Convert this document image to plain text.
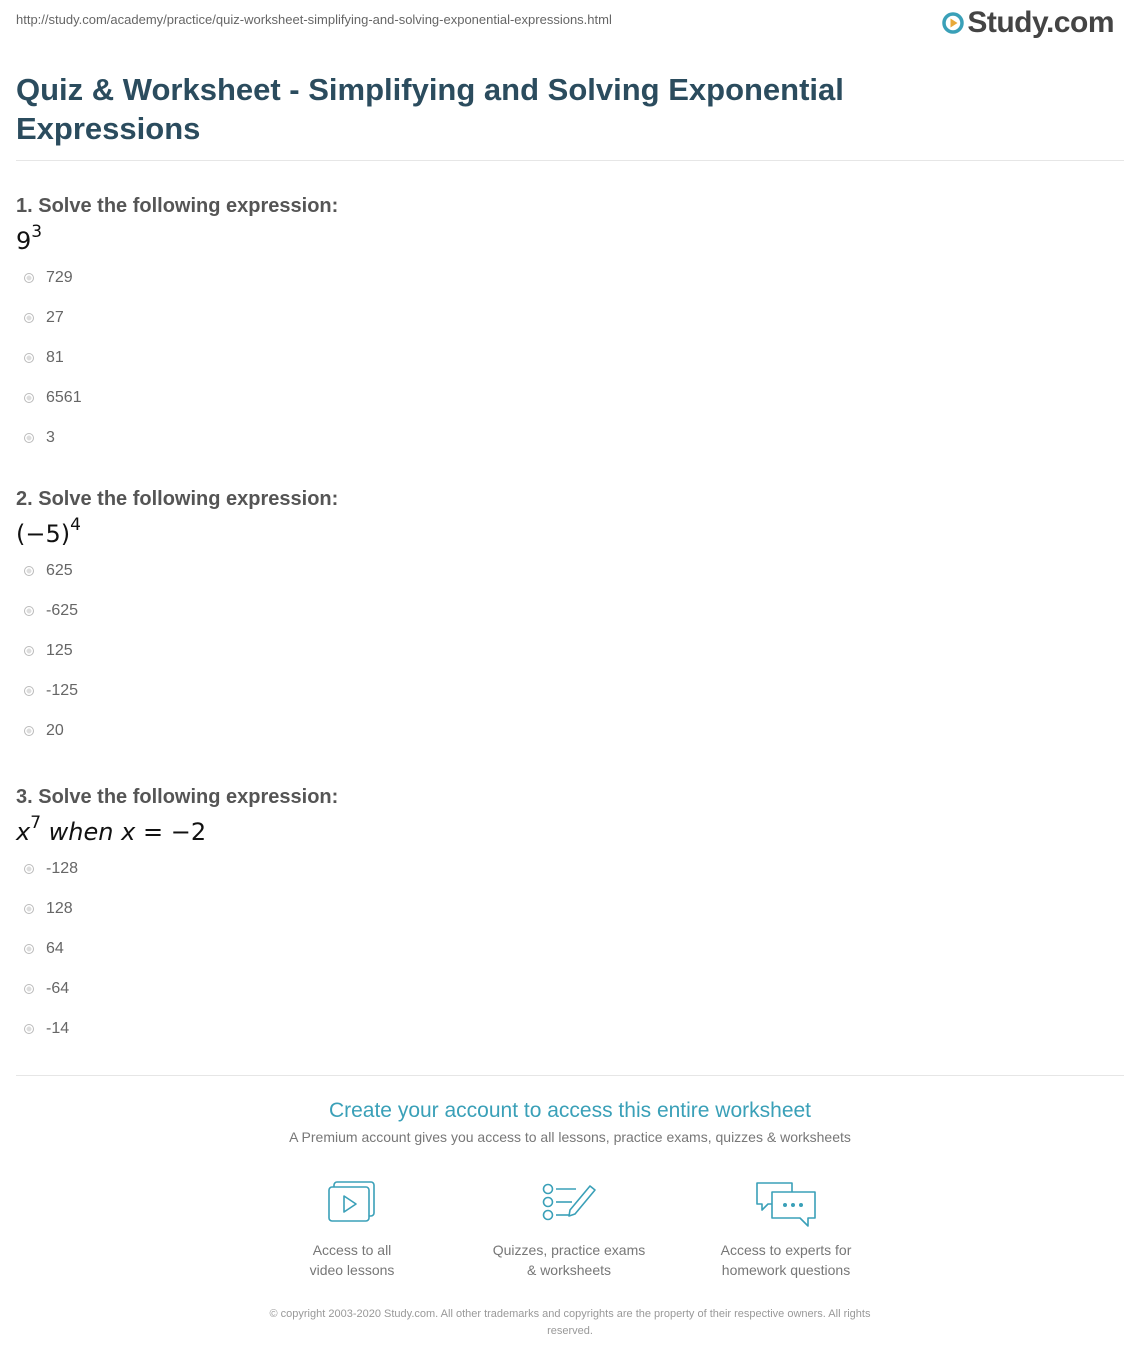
http://study.com/academy/practice/quiz-worksheet-simplifying-and-solving-exponential-expressions.html	Study.com
Quiz & Worksheet - Simplifying and Solving Exponential Expressions
1. Solve the following expression:
$9^3$
729
27
81
6561
3
2. Solve the following expression:
$(-5)^4$
625
-625
125
-125
20
3. Solve the following expression:
$x^7$ when x = −2
-128
128
64
-64
-14
Create your account to access this entire worksheet
A Premium account gives you access to all lessons, practice exams, quizzes & worksheets
Access to all
video lessons
Quizzes, practice exams
& worksheets
Access to experts for
homework questions
© copyright 2003-2020 Study.com. All other trademarks and copyrights are the property of their respective owners. All rights
reserved.
